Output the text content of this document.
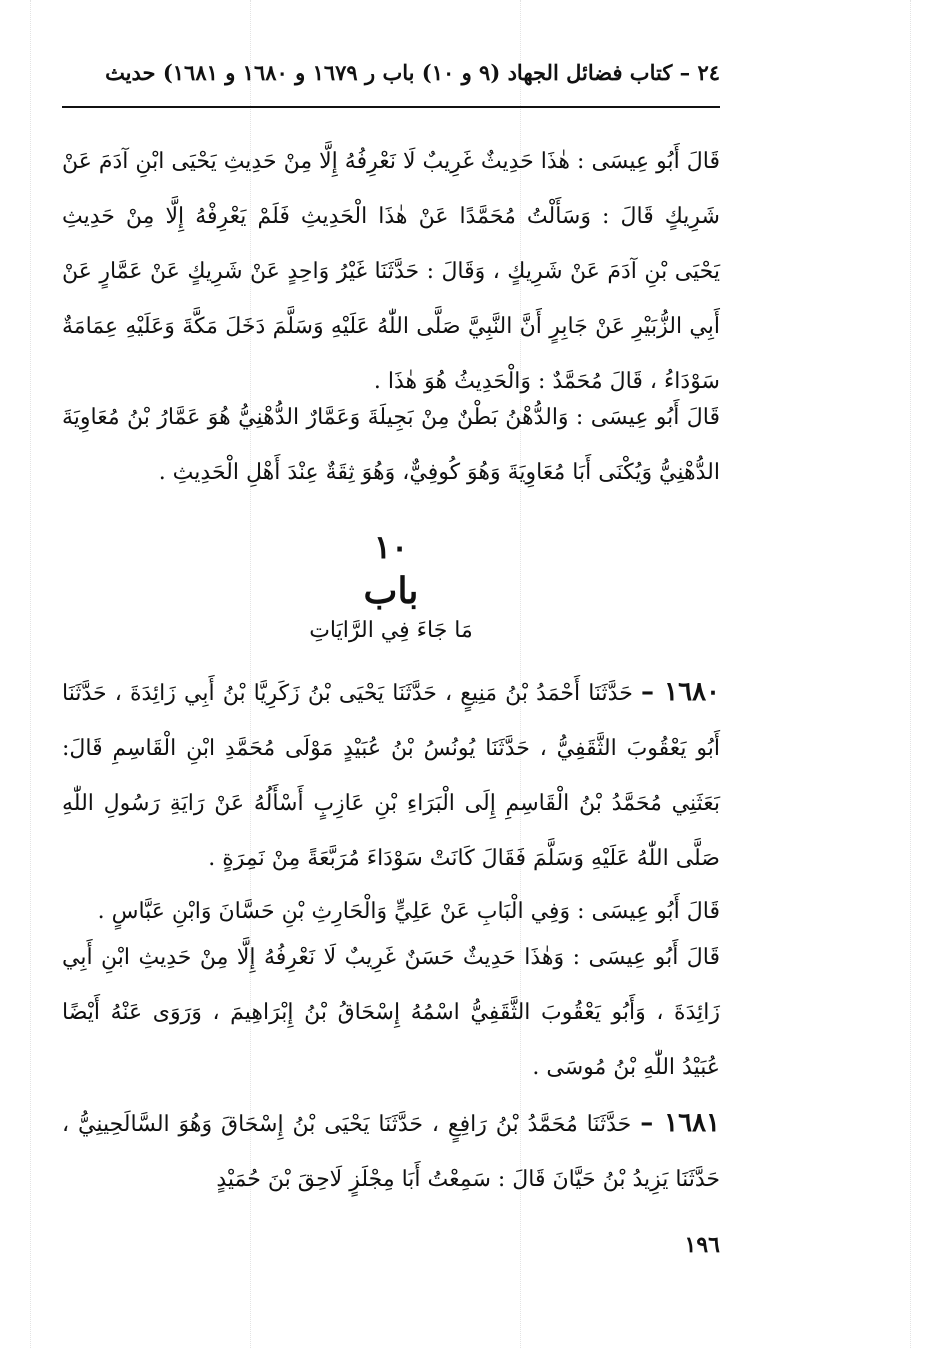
٢٤ – كتاب فضائل الجهاد (٩ و ١٠) باب ر ١٦٧٩ و ١٦٨٠ و ١٦٨١) حديث
قَالَ أَبُو عِيسَى : هٰذَا حَدِيثٌ غَرِيبٌ لَا نَعْرِفُهُ إِلَّا مِنْ حَدِيثِ يَحْيَى ابْنِ آدَمَ عَنْ شَرِيكٍ قَالَ : وَسَأَلْتُ مُحَمَّدًا عَنْ هٰذَا الْحَدِيثِ فَلَمْ يَعْرِفْهُ إِلَّا مِنْ حَدِيثِ يَحْيَى بْنِ آدَمَ عَنْ شَرِيكٍ ، وَقَالَ : حَدَّثَنَا غَيْرُ وَاحِدٍ عَنْ شَرِيكٍ عَنْ عَمَّارٍ عَنْ أَبِي الزُّبَيْرِ عَنْ جَابِرٍ أَنَّ النَّبِيَّ صَلَّى اللّٰهُ عَلَيْهِ وَسَلَّمَ دَخَلَ مَكَّةَ وَعَلَيْهِ عِمَامَةٌ سَوْدَاءُ ، قَالَ مُحَمَّدٌ : وَالْحَدِيثُ هُوَ هٰذَا .
قَالَ أَبُو عِيسَى : وَالدُّهْنُ بَطْنٌ مِنْ بَجِيلَةَ وَعَمَّارٌ الدُّهْنِيُّ هُوَ عَمَّارُ بْنُ مُعَاوِيَةَ الدُّهْنِيُّ وَيُكْنَى أَبَا مُعَاوِيَةَ وَهُوَ كُوفِيٌّ، وَهُوَ ثِقَةٌ عِنْدَ أَهْلِ الْحَدِيثِ .
١٠
باب
مَا جَاءَ فِي الرَّايَاتِ
١٦٨٠ – حَدَّثَنَا أَحْمَدُ بْنُ مَنِيعٍ ، حَدَّثَنَا يَحْيَى بْنُ زَكَرِيَّا بْنُ أَبِي زَائِدَةَ ، حَدَّثَنَا أَبُو يَعْقُوبَ الثَّقَفِيُّ ، حَدَّثَنَا يُونُسُ بْنُ عُبَيْدٍ مَوْلَى مُحَمَّدِ ابْنِ الْقَاسِمِ قَالَ: بَعَثَنِي مُحَمَّدُ بْنُ الْقَاسِمِ إِلَى الْبَرَاءِ بْنِ عَازِبٍ أَسْأَلُهُ عَنْ رَايَةِ رَسُولِ اللّٰهِ صَلَّى اللّٰهُ عَلَيْهِ وَسَلَّمَ فَقَالَ كَانَتْ سَوْدَاءَ مُرَبَّعَةً مِنْ نَمِرَةٍ .
قَالَ أَبُو عِيسَى : وَفِي الْبَابِ عَنْ عَلِيٍّ وَالْحَارِثِ بْنِ حَسَّانَ وَابْنِ عَبَّاسٍ .
قَالَ أَبُو عِيسَى : وَهٰذَا حَدِيثٌ حَسَنٌ غَرِيبٌ لَا نَعْرِفُهُ إِلَّا مِنْ حَدِيثِ ابْنِ أَبِي زَائِدَةَ ، وَأَبُو يَعْقُوبَ الثَّقَفِيُّ اسْمُهُ إِسْحَاقُ بْنُ إِبْرَاهِيمَ ، وَرَوَى عَنْهُ أَيْضًا عُبَيْدُ اللّٰهِ بْنُ مُوسَى .
١٦٨١ – حَدَّثَنَا مُحَمَّدُ بْنُ رَافِعٍ ، حَدَّثَنَا يَحْيَى بْنُ إِسْحَاقَ وَهُوَ السَّالَحِينِيُّ ، حَدَّثَنَا يَزِيدُ بْنُ حَيَّانَ قَالَ : سَمِعْتُ أَبَا مِجْلَزٍ لَاحِقَ بْنَ حُمَيْدٍ
١٩٦
